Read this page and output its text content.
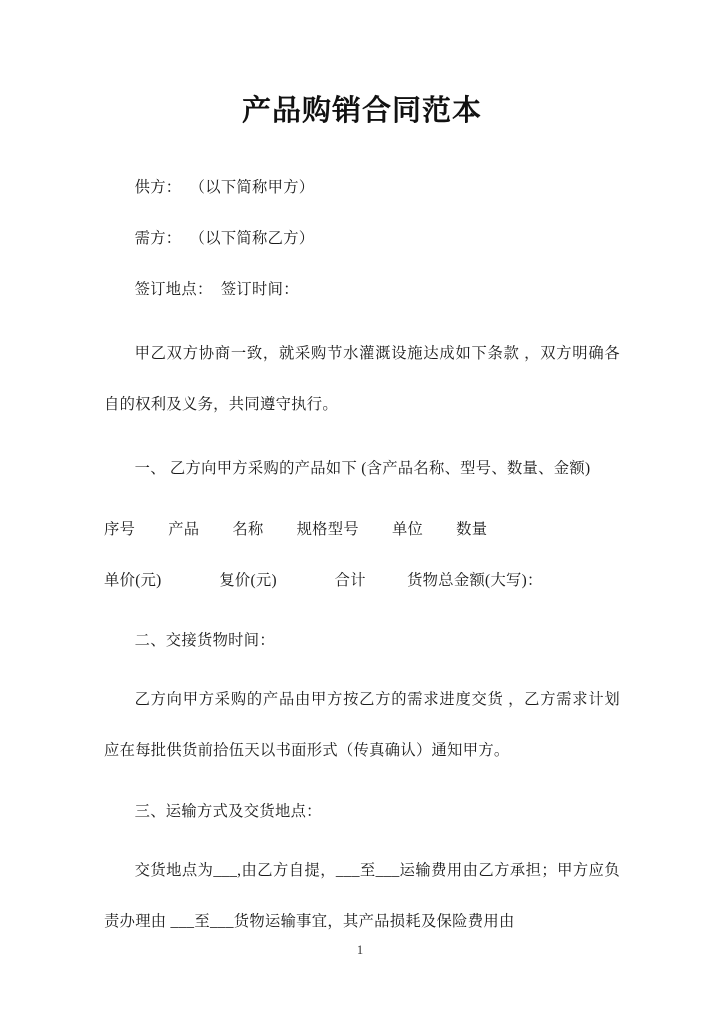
产品购销合同范本

供方：  （以下简称甲方）

需方：  （以下简称乙方）

签订地点：  签订时间：

甲乙双方协商一致，就采购节水灌溉设施达成如下条款 ，双方明确各自的权利及义务，共同遵守执行。

一、 乙方向甲方采购的产品如下 (含产品名称、型号、数量、金额)

序号        产品        名称        规格型号        单位        数量

单价(元)              复价(元)              合计          货物总金额(大写)：

二、交接货物时间：

乙方向甲方采购的产品由甲方按乙方的需求进度交货 ，乙方需求计划应在每批供货前拾伍天以书面形式（传真确认）通知甲方。

三、运输方式及交货地点：

交货地点为___,由乙方自提，___至___运输费用由乙方承担；甲方应负责办理由 ___至___货物运输事宜，其产品损耗及保险费用由

1
